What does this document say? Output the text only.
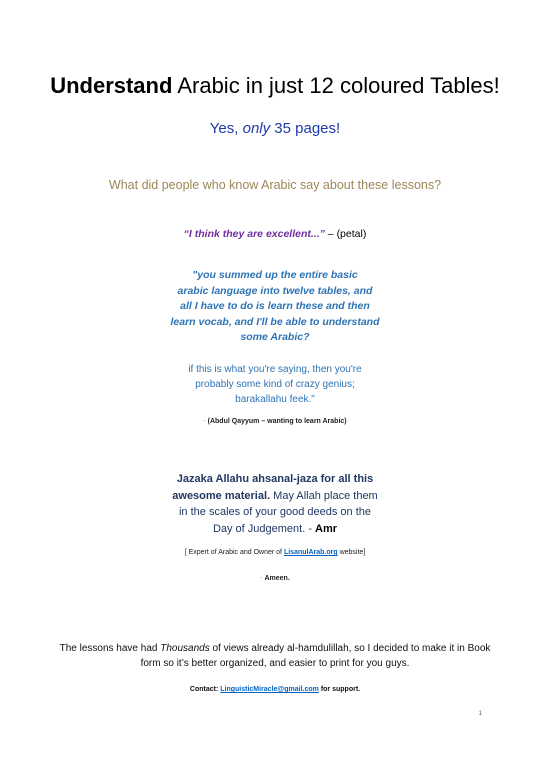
Understand Arabic in just 12 coloured Tables!
Yes, only 35 pages!
What did people who know Arabic say about these lessons?
“I think they are excellent...” – (petal)
"you summed up the entire basic
arabic language into twelve tables, and
all I have to do is learn these and then
learn vocab, and I'll be able to understand
some Arabic?
if this is what you're saying, then you're
probably some kind of crazy genius;
barakallahu feek."
- (Abdul Qayyum – wanting to learn Arabic)
Jazaka Allahu ahsanal-jaza for all this
awesome material. May Allah place them
in the scales of your good deeds on the
Day of Judgement. - Amr
[ Expert of Arabic and Owner of LisanulArab.org website]
- Ameen.
The lessons have had Thousands of views already al-hamdulillah, so I decided to make it in Book
form so it’s better organized, and easier to print for you guys.
Contact: LinguisticMiracle@gmail.com for support.
1
